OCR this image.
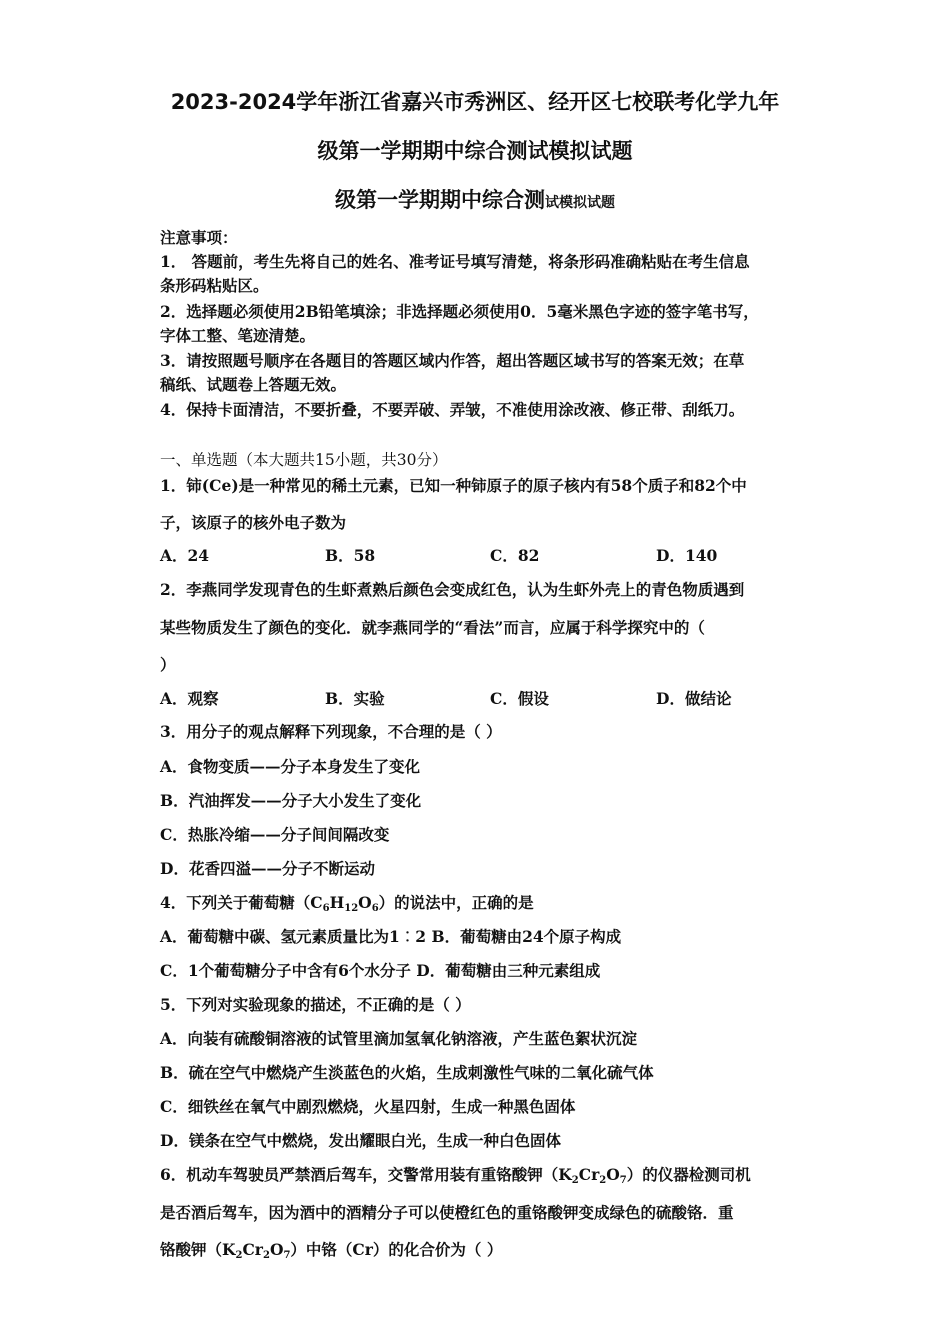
2023-2024学年浙江省嘉兴市秀洲区、经开区七校联考化学九年
级第一学期期中综合测试模拟试题
级第一学期期中综合测试模拟试题
注意事项：
1． 答题前，考生先将自己的姓名、准考证号填写清楚，将条形码准确粘贴在考生信息
条形码粘贴区。
2．选择题必须使用2B铅笔填涂；非选择题必须使用0．5毫米黑色字迹的签字笔书写，
字体工整、笔迹清楚。
3．请按照题号顺序在各题目的答题区域内作答，超出答题区域书写的答案无效；在草
稿纸、试题卷上答题无效。
4．保持卡面清洁，不要折叠，不要弄破、弄皱，不准使用涂改液、修正带、刮纸刀。
一、单选题（本大题共15小题，共30分）
1．铈(Ce)是一种常见的稀土元素，已知一种铈原子的原子核内有58个质子和82个中
子，该原子的核外电子数为
A．24	B．58	C．82	D．140
2．李燕同学发现青色的生虾煮熟后颜色会变成红色，认为生虾外壳上的青色物质遇到
某些物质发生了颜色的变化．就李燕同学的“看法”而言，应属于科学探究中的（
）
A．观察	B．实验	C．假设	D．做结论
3．用分子的观点解释下列现象，不合理的是（ ）
A．食物变质——分子本身发生了变化
B．汽油挥发——分子大小发生了变化
C．热胀冷缩——分子间间隔改变
D．花香四溢——分子不断运动
4．下列关于葡萄糖$(C_6H_{12}O_6)$的说法中，正确的是
A．葡萄糖中碳、氢元素质量比为1︰2 B．葡萄糖由24个原子构成
C．1个葡萄糖分子中含有6个水分子 D．葡萄糖由三种元素组成
5．下列对实验现象的描述，不正确的是（ ）
A．向装有硫酸铜溶液的试管里滴加氢氧化钠溶液，产生蓝色絮状沉淀
B．硫在空气中燃烧产生淡蓝色的火焰，生成刺激性气味的二氧化硫气体
C．细铁丝在氧气中剧烈燃烧，火星四射，生成一种黑色固体
D．镁条在空气中燃烧，发出耀眼白光，生成一种白色固体
6．机动车驾驶员严禁酒后驾车，交警常用装有重铬酸钾$(K_2Cr_2O_7)$的仪器检测司机
是否酒后驾车，因为酒中的酒精分子可以使橙红色的重铬酸钾变成绿色的硫酸铬．重
铬酸钾$(K_2Cr_2O_7)$中铬（Cr）的化合价为（ ）
